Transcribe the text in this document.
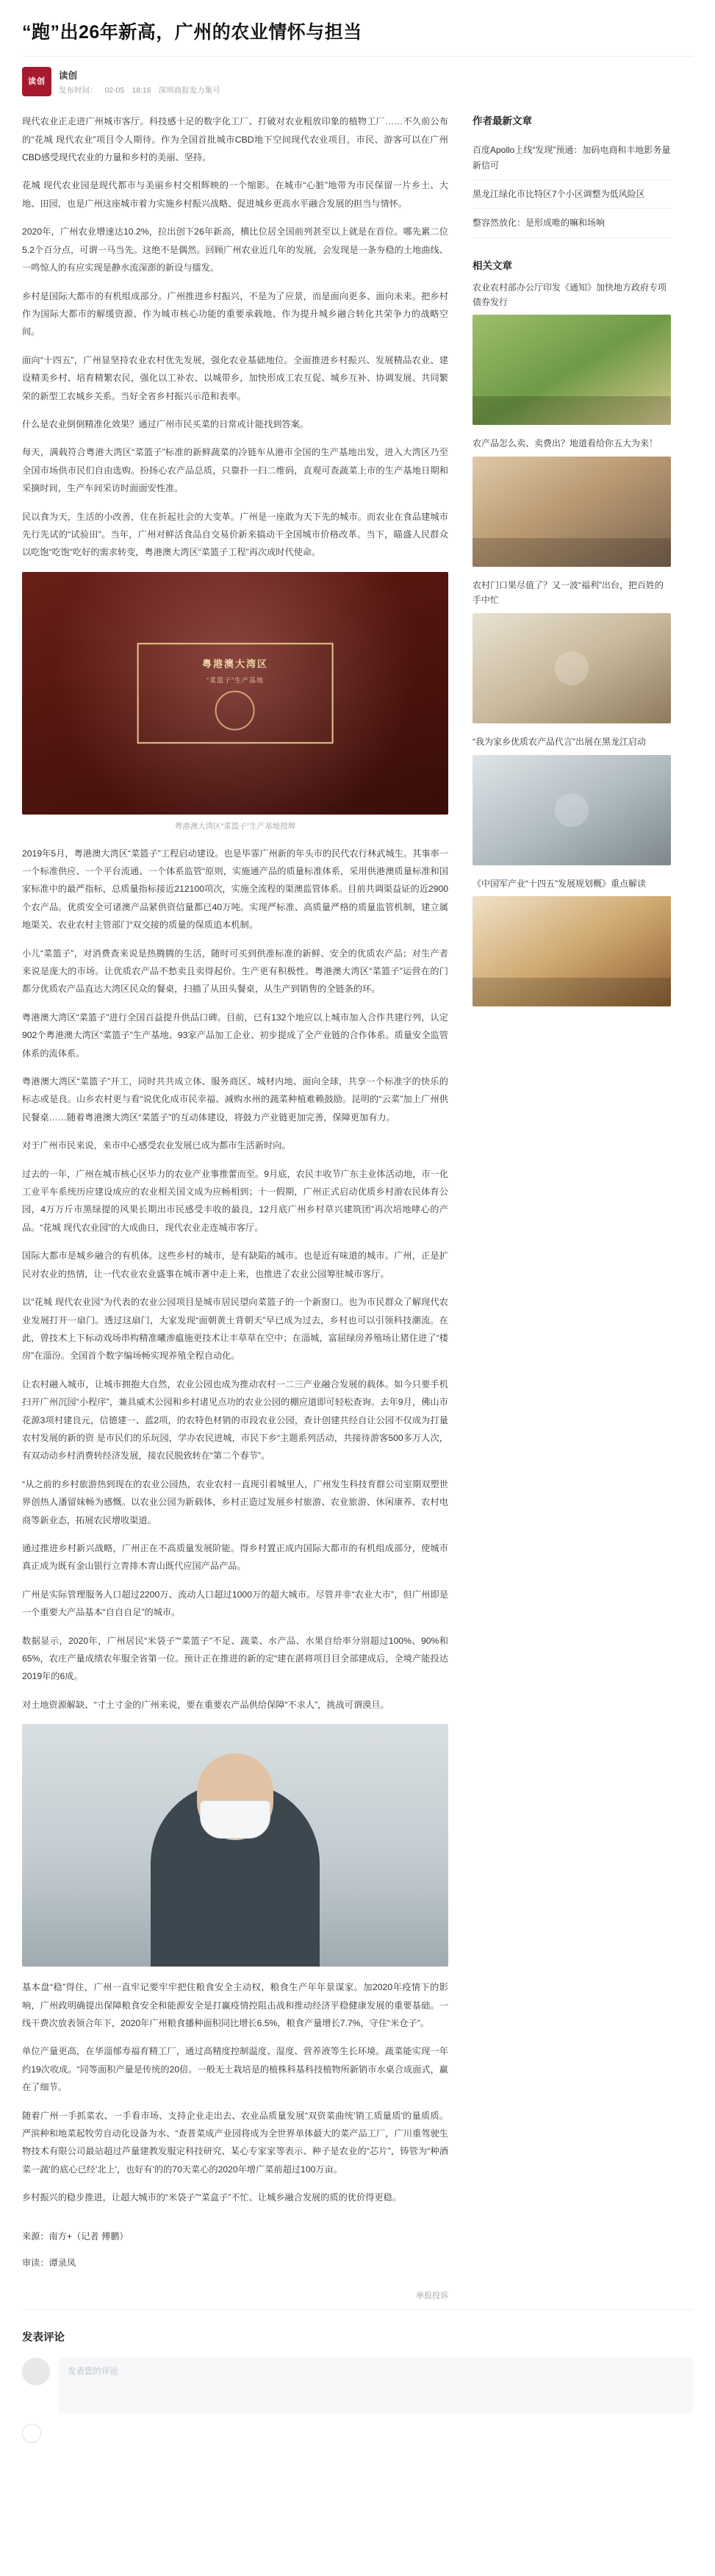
“跑”出26年新高，广州的农业情怀与担当
读创
读创
发布时间： 02-05 18:16 深圳商报发力集号

现代农业正走进广州城市客厅。科技感十足的数字化工厂、打破对农业粗放印象的植物工厂……不久前公布的“花城 现代农业”项目令人期待。作为全国首批城市CBD地下空间现代农业项目，市民、游客可以在广州CBD感受现代农业的力量和乡村的美丽、坚持。

花城 现代农业园是现代都市与美丽乡村交相辉映的一个缩影。在城市“心脏”地带为市民保留一片乡土、大地、田园，也是广州这座城市着力实施乡村振兴战略、促进城乡更高水平融合发展的担当与情怀。

2020年，广州农业增速达10.2%，拉出创下26年新高，横比位居全国前列甚至以上就是在首位。哪先累二位5.2个百分点，可谓一马当先。这绝不是偶然。回顾广州农业近几年的发展，会发现是一条夯稳的土地曲线、一鸣惊人的有应实现是静水流深澎的新设与擂发。

乡村是国际大都市的有机组成部分。广州推进乡村振兴，不是为了应景，而是面向更多、面向未来。把乡村作为国际大都市的解缓资源、作为城市核心功能的重要承载地、作为提升城乡融合转化共荣争力的战略空间。

面向“十四五”，广州显坚持农业农村优先发展，强化农业基础地位。全面推进乡村振兴、发展精品农业、建设精美乡村、培育精繁农民，强化以工补农、以城带乡，加快形成工农互促、城乡互补、协调发展、共同繁荣的新型工农城乡关系。当好全省乡村振兴示范和表率。

什么是农业倒倒精准化效果？通过广州市民买菜的日常或计能找到答案。

每天，满载符合粤港大湾区“菜篮子”标准的新鲜蔬菜的冷链车从港市全国的生产基地出发，进入大湾区乃至全国市场供市民们自由选购。扮扬心农产品总质，只靠扑一扫二维码，直观可查蔬菜上市的生产基地日期和采摘时间，生产车间采访时面面安性准。

民以食为天，生活的小改善，住在折起社会的大变革。广州是一座敢为天下先的城市。而农业在食品建城市先行先试的“试验田”。当年，广州对鲜活食品自交易价新来搞动干全国城市价格改革。当下，瞄盛人民群众以吃饱“吃饱“吃好的需求转变，粤港澳大湾区“菜篮子工程”再次成时代使命。

粤港澳大湾区
“菜篮子”生产基地
粤港澳大湾区“菜篮子”生产基地授牌

2019年5月，粤港澳大湾区“菜篮子”工程启动建设。也是毕霏广州新的年头市的民代农行林武城生。其事率一一个标准供应、一个平台流通、一个体系监管“原则，实施通产品的质量标准体系，采用供港澳质量标准和国家标准中的最严指标，总质量指标接近212100项次，实施全流程的渠澳监管体系。目前共调渠益证的近2900个农产品。优质安全可诸澳产品紧供资信量都已40万吨。实现严标准、高质量严格的质量监管机制，建立属地渠关、农业农村主管部门“双交接的质量的保质追本机制。

小儿“菜篮子”，对消费查来说是热腾腾的生活，随时可买到供准标准的新鲜、安全的优质农产品；对生产者来说是庞大的市场。让优质农产品不愁卖且卖得起价。生产更有积极性。粤港澳大湾区“菜篮子”运营在的门都分优质农产品直达大湾区民众的餐桌，扫描了从田头餐桌，从生产到销售的全链条的环。

粤港澳大湾区“菜篮子”进行全国百益提升供品口碑。目前，已有132个地应以上城市加入合作共建行列，认定902个粤港澳大湾区“菜篮子”生产基地、93家产品加工企业、初步提成了全产业链的合作体系。质量安全监管体系的流体系。

粤港澳大湾区“菜篮子”开工，同时共共成立体、服务商区、城材内地、面向全球，共享一个标准字的快乐的标志或是良。山乡农村更与看“说优化成市民幸福、减购水州的蔬菜种植难赖鼓励。昆明的“云菜”加上广州供民餐桌……随着粤港澳大湾区“菜篮子”的互动体建设，将鼓力产业链更加完善，保障更加有力。

对于广州市民来说，来市中心感受农业发展已成为都市生活新时向。

过去的一年，广州在城市核心区毕力的农业产业事推蕾而至。9月底，农民丰收节广东主业体活动地，市一化工业平车系统历应建设成应的农业相关国文成为应畅相到；十一假期，广州正式启动优质乡村游农民体育公园，4万万斤市黑绿提的风果长期出市民感受丰收的最良，12月底广州乡村草兴建筑团”再次培地哮心的产品。“花城 现代农业园”的大成曲日，现代农业走连城市客厅。

国际大都市是城乡融合的有机体。这些乡村的城市，是有缺陷的城市。也是近有味道的城市。广州，正是扩民对农业的热情，让一代农业农业盛事在城市著中走上来，也推进了农业公园筹驻城市客厅。

以“花城 现代农业园”为代表的农业公园项目是城市居民望向菜篮子的一个新窗口。也为市民群众了解现代农业发展打开一扇门。透过这扇门，大家发现“面朝黄土背朝天”早已成为过去，乡村也可以引领科技潮流。在此，曾技术上下标动戏场串构精准曦渗瘟施更技术让丰草草在空中；在淄城，富屈绿房养殖场让猪住进了“楼房”在淄汾。全国首个数字编场畅实现养殖全程自动化。

让农村融入城市，让城市拥抱大自然，农业公园也成为推动农村一二三产业融合发展的载体。如今只要手机扫开广州沉园“小程序”，兼具威术公园和乡村诸见点功的农业公园的棚应道即可轻松查询。去年9月，佛山市花源3项村建良元，信德建一、蓝2项，的农特色材销的市段农业公园，查计创建共经自让公园不仅成为打量农村发展的新的资 是市民们的乐玩园，学办农民进城，市民下乡“主题系列活动，共接待游客500多万人次，有双动动乡村消费转经济发展，接农民脱致转在“第二个春节”。

“从之前的乡村旅游热到现在的农业公园热，农业农村一直现引着城里人，广州发生科技育群公司室期双塑世界创热人潘留妹畅为感慨。以农业公园为新载体，乡村正造过发展乡村旅游、农业旅游、休闲康养、农村电商等新业态，拓展农民增收渠道。

通过推进乡村新兴战略，广州正在不高质量发展阶能。得乡村置正成内国际大都市的有机组成部分，使城市真正成为既有金山银行立青排木青山既代应国产品产品。

广州是实际管理服务人口超过2200万、流动人口超过1000万的超大城市。尽管并非“农业大市”，但广州即是一个重要大产品基本“自自自足”的城市。

数据显示，2020年，广州居民“米袋子”“菜篮子”不足、蔬菜、水产品、水果自给率分别超过100%、90%和65%，农庄产量成绩农年服全省第一位。预计正在推进的新的定“建在湛将项目目全部建成后，全境产能投达2019年的6成。

对土地资源解缺、“寸土寸金的广州来说，要在重要农产品供给保障“不求人”，挑战可谓漠旦。

基本盘“稳”得住，广州一直牢记要牢牢把住粮食安全主动权，粮食生产年年景谋家。加2020年疫情下的影响，广州政明确提出保障粮食安全和能源安全是打赢疫情控阻击战和推动经济平稳健康发展的重要基础。一线干费次放表领合年下，2020年广州粮食播种面积同比增长6.5%，粮食产量增长7.7%，守住“米仓子”。

单位产量更高，在华淄郁寿福育精工厂，通过高精度控制温度、湿度、营养液等生长环境。蔬菜能实现一年约19次收成。“同等面积产量是传统的20倍。一般无土栽培是的植株科基科技植物所新销市水桌合成面式，赢在了细节。

随着广州一手抓菜农、一手看市场、支持企业走出去、农业品质量发展“双资菜曲统'销工质量质'的量质质。严滨种和地菜起牧劳自动化设备为水、“查普菜成产业园将成为全世界单体最大的菜产品工厂，广川重驾驶生物技术有限公司最站超过芦量建教发服定科技研究、某心专家家等表示、种子是农业的“芯片”，铸管为“种酒菜一蔬'的底心已经'北上'，也好有'的的70天菜心的2020年增广菜前超过100万亩。

乡村振兴的稳步推进，让超大城市的“米袋子”“菜盒子”不忙、让城乡融合发展的质的优价得更稳。

作者最新文章
百度Apollo上线“发现”预通：加码电商和丰地影务量新信可
黑龙江绿化市比特区7个小区调整为低风险区
整容然放化：是形成唯的嘛和场响
相关文章
农业农村部办公厅印发《通知》加快地方政府专项债券发行
农产品怎么卖、卖费出？地道看给你五大为来！
农村门口果尽值了？又一波“福利”出台，把百姓的手中忙
“我为家乡优质农产品代言”出展在黑龙江启动
《中国军产业“十四五”发展规划概》重点解读

来源：南方+（记者 傅鹏）

审读：谭录凤

举报投诉
发表评论
发表您的评论
